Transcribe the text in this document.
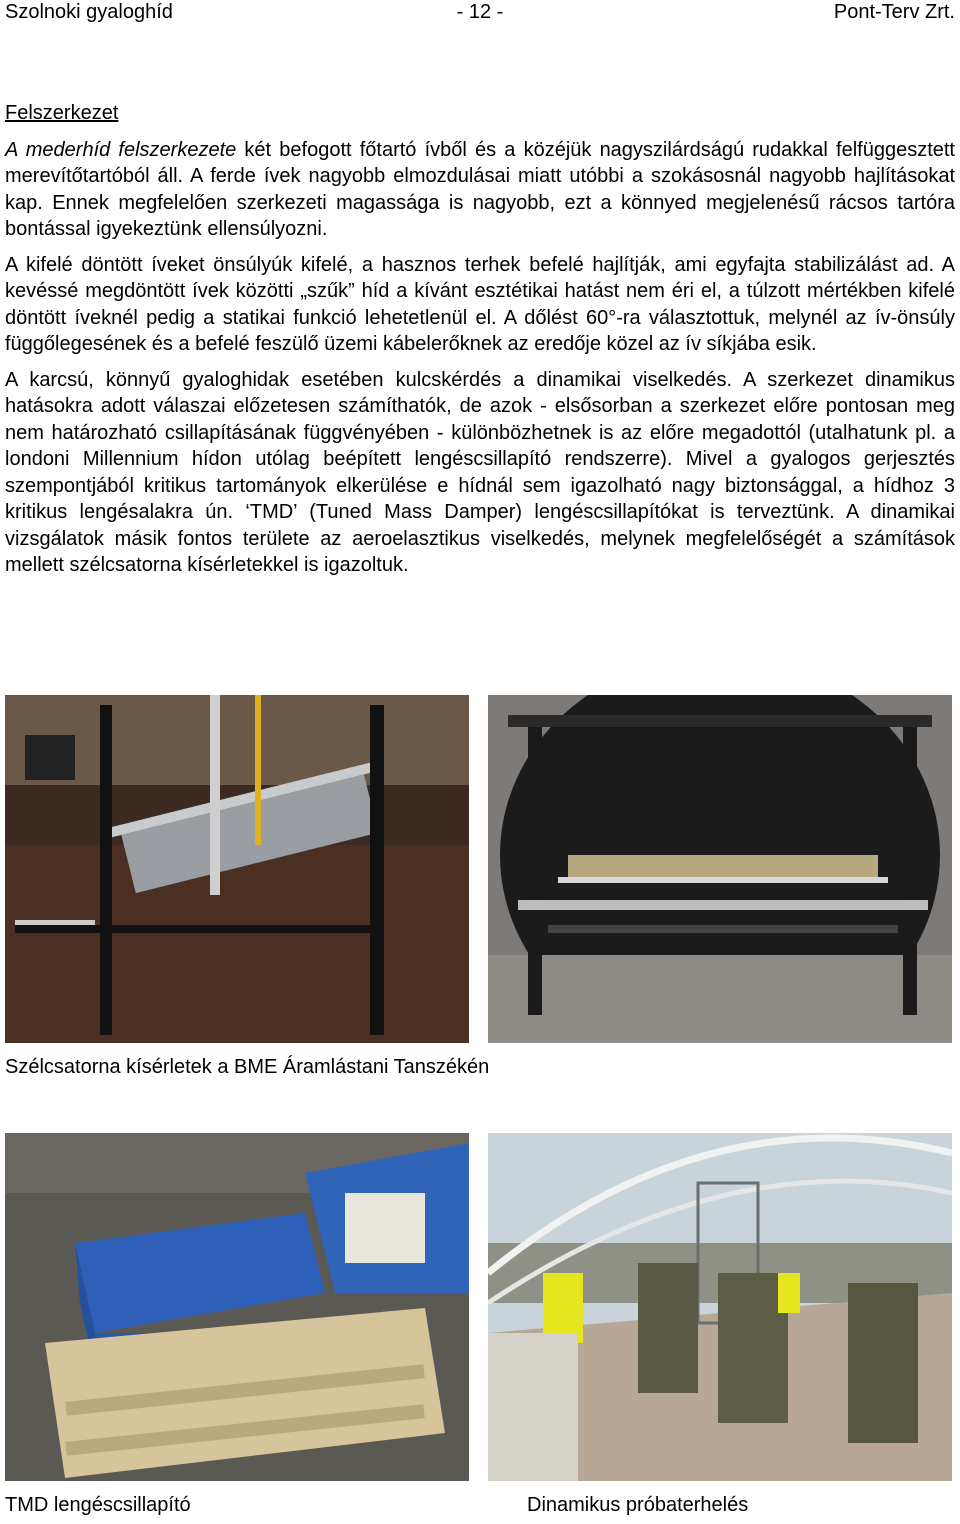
Szolnoki gyaloghíd	- 12 -	Pont-Terv Zrt.
Felszerkezet

A mederhíd felszerkezete két befogott főtartó ívből és a közéjük nagyszilárdságú rudakkal felfüggesztett merevítőtartóból áll. A ferde ívek nagyobb elmozdulásai miatt utóbbi a szokásosnál nagyobb hajlításokat kap. Ennek megfelelően szerkezeti magassága is nagyobb, ezt a könnyed megjelenésű rácsos tartóra bontással igyekeztünk ellensúlyozni.

A kifelé döntött íveket önsúlyúk kifelé, a hasznos terhek befelé hajlítják, ami egyfajta stabilizálást ad. A kevéssé megdöntött ívek közötti „szűk” híd a kívánt esztétikai hatást nem éri el, a túlzott mértékben kifelé döntött íveknél pedig a statikai funkció lehetetlenül el. A dőlést 60°-ra választottuk, melynél az ív-önsúly függőlegesének és a befelé feszülő üzemi kábelerőknek az eredője közel az ív síkjába esik.

A karcsú, könnyű gyaloghidak esetében kulcskérdés a dinamikai viselkedés. A szerkezet dinamikus hatásokra adott válaszai előzetesen számíthatók, de azok - elsősorban a szerkezet előre pontosan meg nem határozható csillapításának függvényében - különbözhetnek is az előre megadottól (utalhatunk pl. a londoni Millennium hídon utólag beépített lengéscsillapító rendszerre). Mivel a gyalogos gerjesztés szempontjából kritikus tartományok elkerülése e hídnál sem igazolható nagy biztonsággal, a hídhoz 3 kritikus lengésalakra ún. ‘TMD’ (Tuned Mass Damper) lengéscsillapítókat is terveztünk. A dinamikai vizsgálatok másik fontos területe az aeroelasztikus viselkedés, melynek megfelelőségét a számítások mellett szélcsatorna kísérletekkel is igazoltuk.

Szélcsatorna kísérletek a BME Áramlástani Tanszékén
TMD lengéscsillapító	Dinamikus próbaterhelés
